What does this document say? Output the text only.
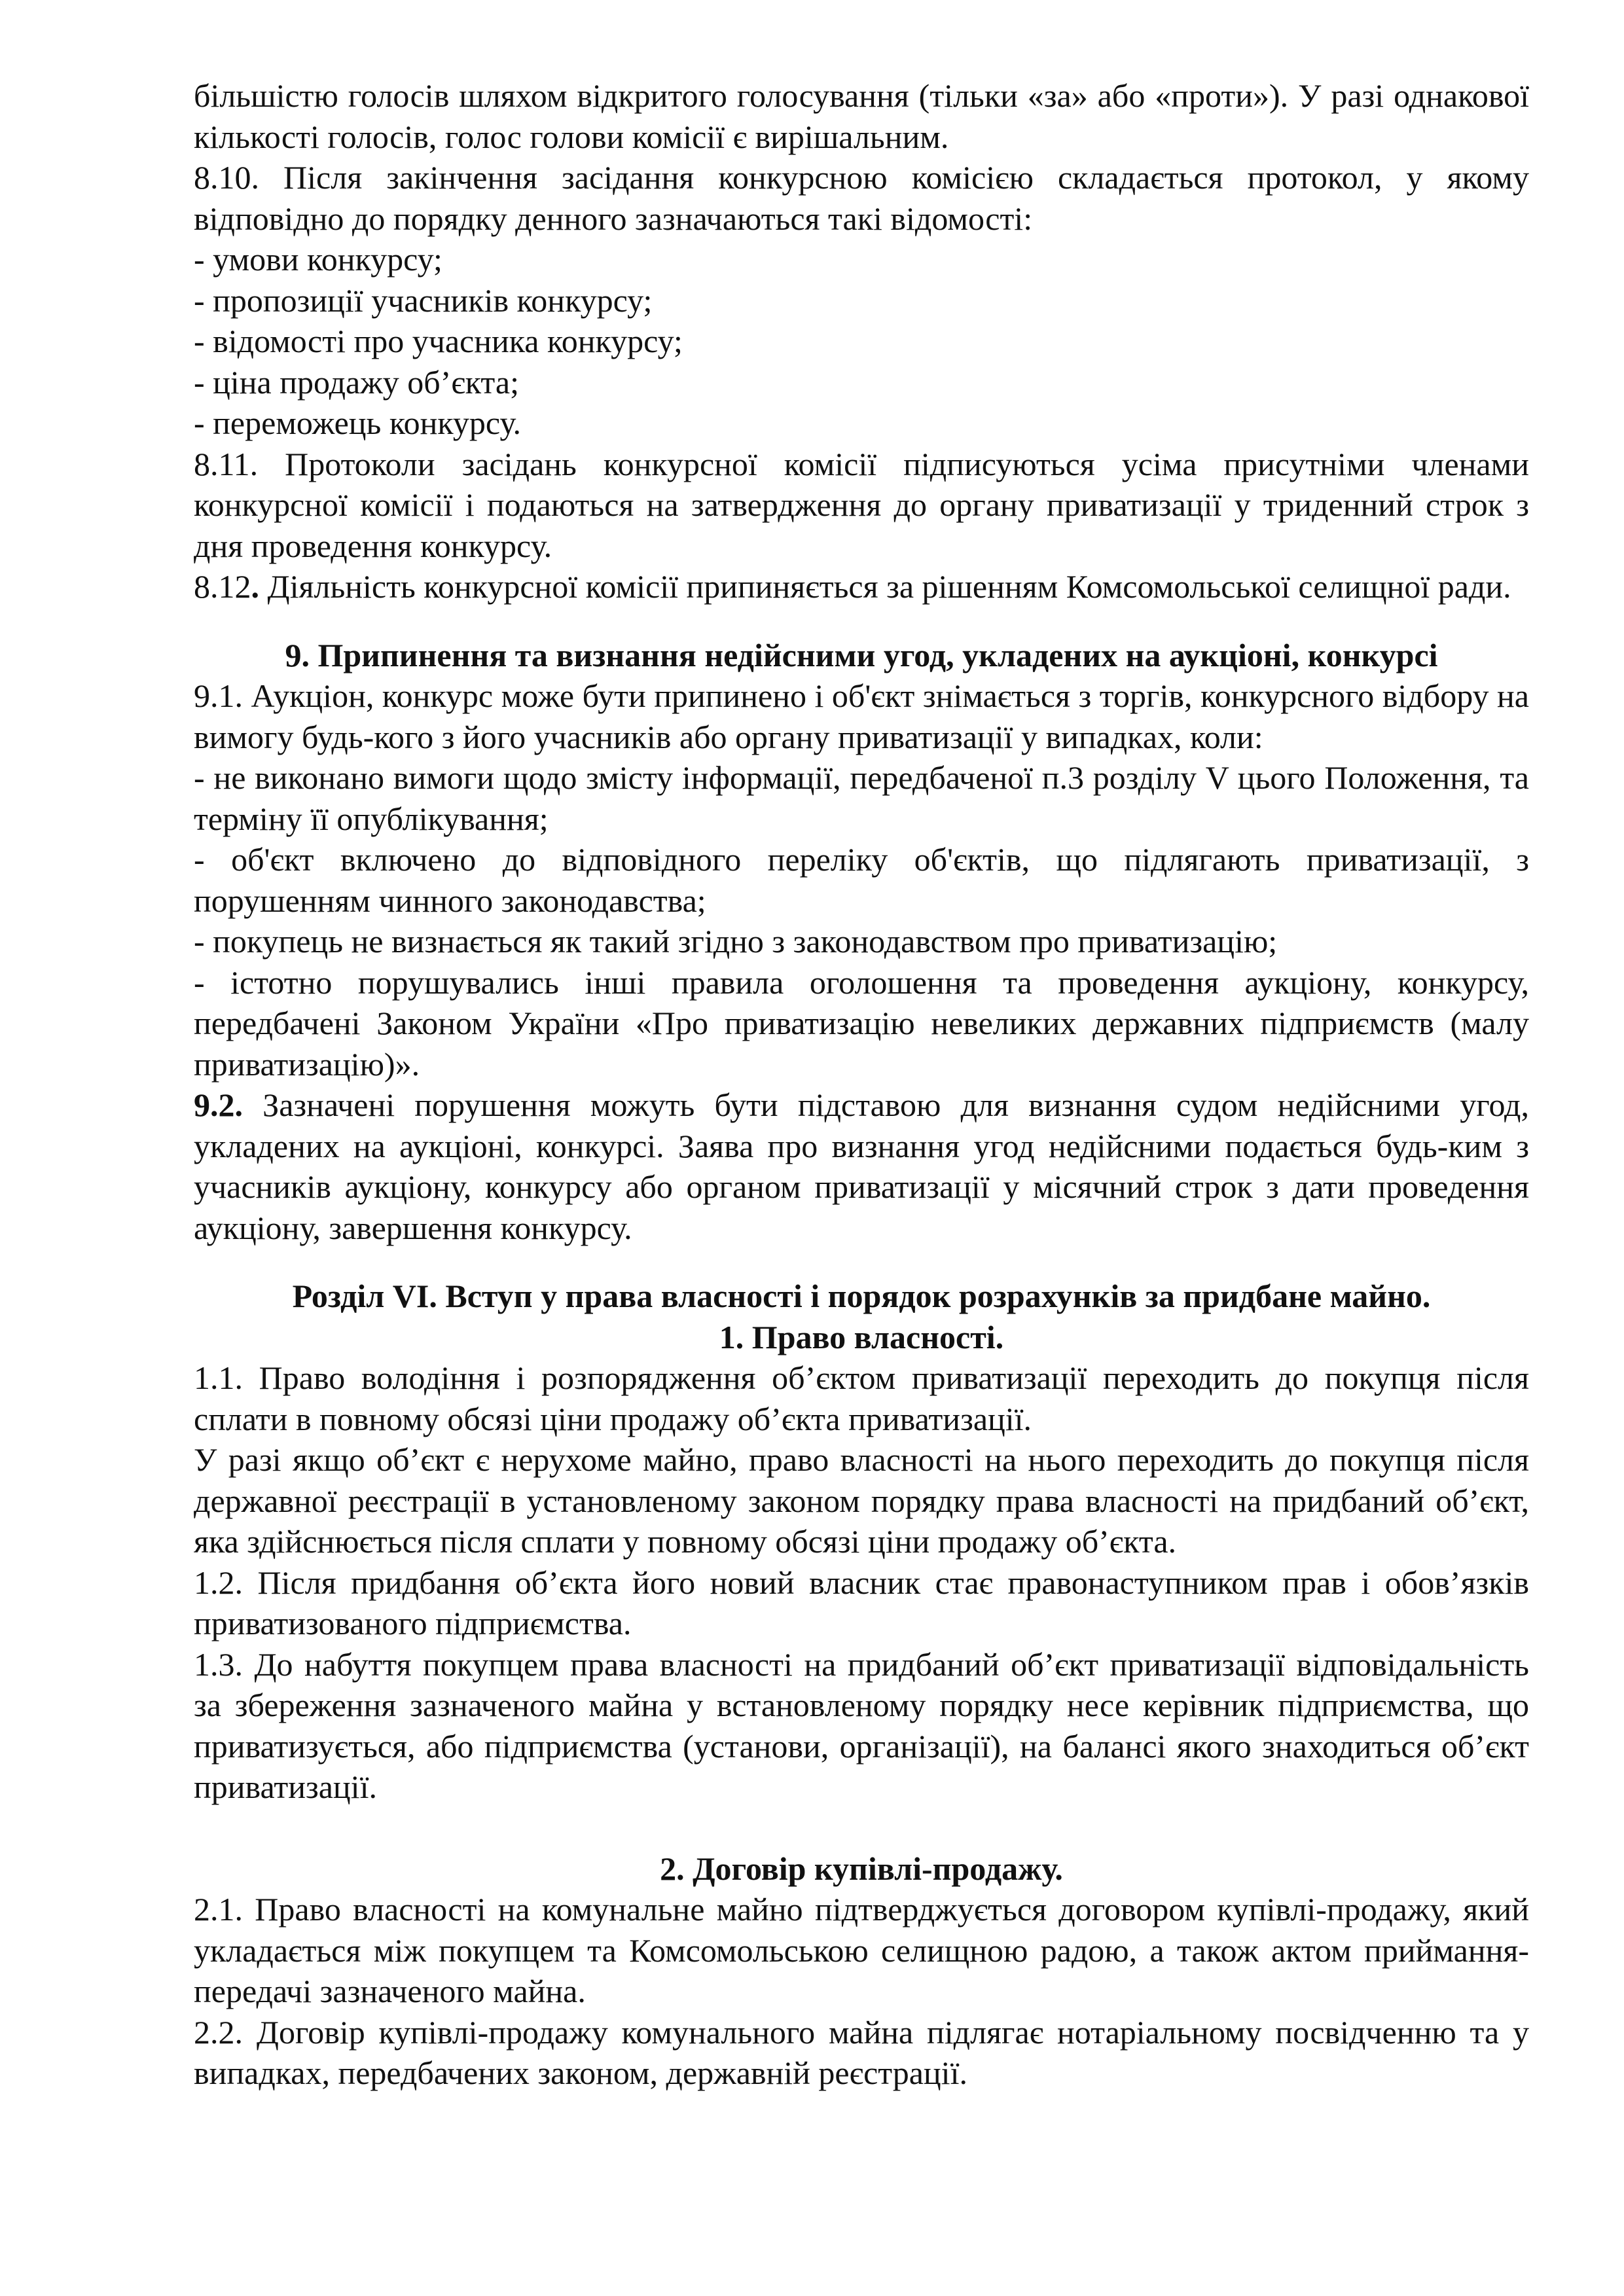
більшістю голосів шляхом відкритого голосування (тільки «за» або «проти»). У разі однакової кількості голосів, голос голови комісії є вирішальним.

8.10. Після закінчення засідання конкурсною комісією складається протокол, у якому відповідно до порядку денного зазначаються такі відомості:

- умови конкурсу;

- пропозиції учасників конкурсу;

- відомості про учасника конкурсу;

- ціна продажу об’єкта;

- переможець конкурсу.

8.11. Протоколи засідань конкурсної комісії підписуються усіма присутніми членами конкурсної комісії і подаються на затвердження до органу приватизації у триденний строк з дня проведення конкурсу.

8.12. Діяльність конкурсної комісії припиняється за рішенням Комсомольської селищної ради.

9. Припинення та визнання недійсними угод, укладених на аукціоні, конкурсі

9.1. Аукціон, конкурс може бути припинено і об'єкт знімається з торгів, конкурсного відбору на вимогу будь-кого з його учасників або органу приватизації у випадках, коли:

- не виконано вимоги щодо змісту інформації, передбаченої п.3 розділу V цього Положення, та терміну її опублікування;

- об'єкт включено до відповідного переліку об'єктів, що підлягають приватизації, з порушенням чинного законодавства;

- покупець не визнається як такий згідно з законодавством про приватизацію;

- істотно порушувались інші правила оголошення та проведення аукціону, конкурсу, передбачені Законом України «Про приватизацію невеликих державних підприємств (малу приватизацію)».

9.2. Зазначені порушення можуть бути підставою для визнання судом недійсними угод, укладених на аукціоні, конкурсі. Заява про визнання угод недійсними подається будь-ким з учасників аукціону, конкурсу або органом приватизації у місячний строк з дати проведення аукціону, завершення конкурсу.

Розділ VI. Вступ у права власності і порядок розрахунків за придбане майно.

1. Право власності.

1.1. Право володіння і розпорядження об’єктом приватизації переходить до покупця після сплати в повному обсязі ціни продажу об’єкта приватизації.

У разі якщо об’єкт є нерухоме майно, право власності на нього переходить до покупця після державної реєстрації в установленому законом порядку права власності на придбаний об’єкт, яка здійснюється після сплати у повному обсязі ціни продажу об’єкта.

1.2. Після придбання об’єкта його новий власник стає правонаступником прав і обов’язків приватизованого підприємства.

1.3. До набуття покупцем права власності на придбаний об’єкт приватизації відповідальність за збереження зазначеного майна у встановленому порядку несе керівник підприємства, що приватизується, або підприємства (установи, організації), на балансі якого знаходиться об’єкт приватизації.

2. Договір купівлі-продажу.

2.1. Право власності на комунальне майно підтверджується договором купівлі-продажу, який укладається між покупцем та Комсомольською селищною радою, а також актом приймання-передачі зазначеного майна.

2.2. Договір купівлі-продажу комунального майна підлягає нотаріальному посвідченню та у випадках, передбачених законом, державній реєстрації.
